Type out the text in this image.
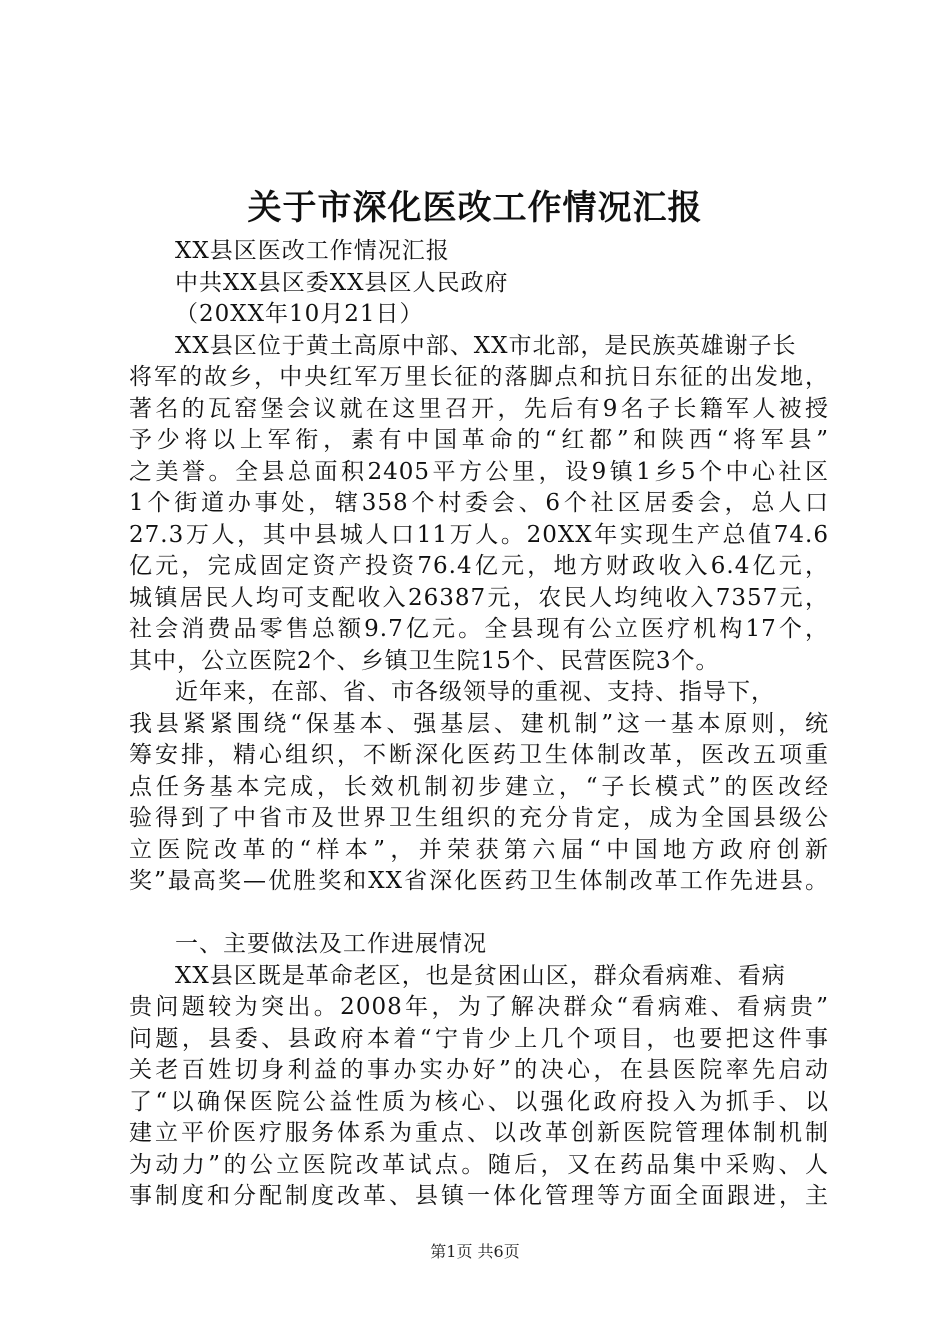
关于市深化医改工作情况汇报
XX县区医改工作情况汇报
中共XX县区委XX县区人民政府
（20XX年10月21日）
XX县区位于黄土高原中部、XX市北部，是民族英雄谢子长
将军的故乡，中央红军万里长征的落脚点和抗日东征的出发地，
著名的瓦窑堡会议就在这里召开，先后有9名子长籍军人被授
予少将以上军衔，素有中国革命的“红都”和陕西“将军县”
之美誉。全县总面积2405平方公里，设9镇1乡5个中心社区
1个街道办事处，辖358个村委会、6个社区居委会，总人口
27.3万人，其中县城人口11万人。20XX年实现生产总值74.6
亿元，完成固定资产投资76.4亿元，地方财政收入6.4亿元，
城镇居民人均可支配收入26387元，农民人均纯收入7357元，
社会消费品零售总额9.7亿元。全县现有公立医疗机构17个，
其中，公立医院2个、乡镇卫生院15个、民营医院3个。
近年来，在部、省、市各级领导的重视、支持、指导下，
我县紧紧围绕“保基本、强基层、建机制”这一基本原则，统
筹安排，精心组织，不断深化医药卫生体制改革，医改五项重
点任务基本完成，长效机制初步建立，“子长模式”的医改经
验得到了中省市及世界卫生组织的充分肯定，成为全国县级公
立医院改革的“样本”，并荣获第六届“中国地方政府创新
奖”最高奖—优胜奖和XX省深化医药卫生体制改革工作先进县。
一、主要做法及工作进展情况
XX县区既是革命老区，也是贫困山区，群众看病难、看病
贵问题较为突出。2008年，为了解决群众“看病难、看病贵”
问题，县委、县政府本着“宁肯少上几个项目，也要把这件事
关老百姓切身利益的事办实办好”的决心，在县医院率先启动
了“以确保医院公益性质为核心、以强化政府投入为抓手、以
建立平价医疗服务体系为重点、以改革创新医院管理体制机制
为动力”的公立医院改革试点。随后，又在药品集中采购、人
事制度和分配制度改革、县镇一体化管理等方面全面跟进，主
第1页 共6页
